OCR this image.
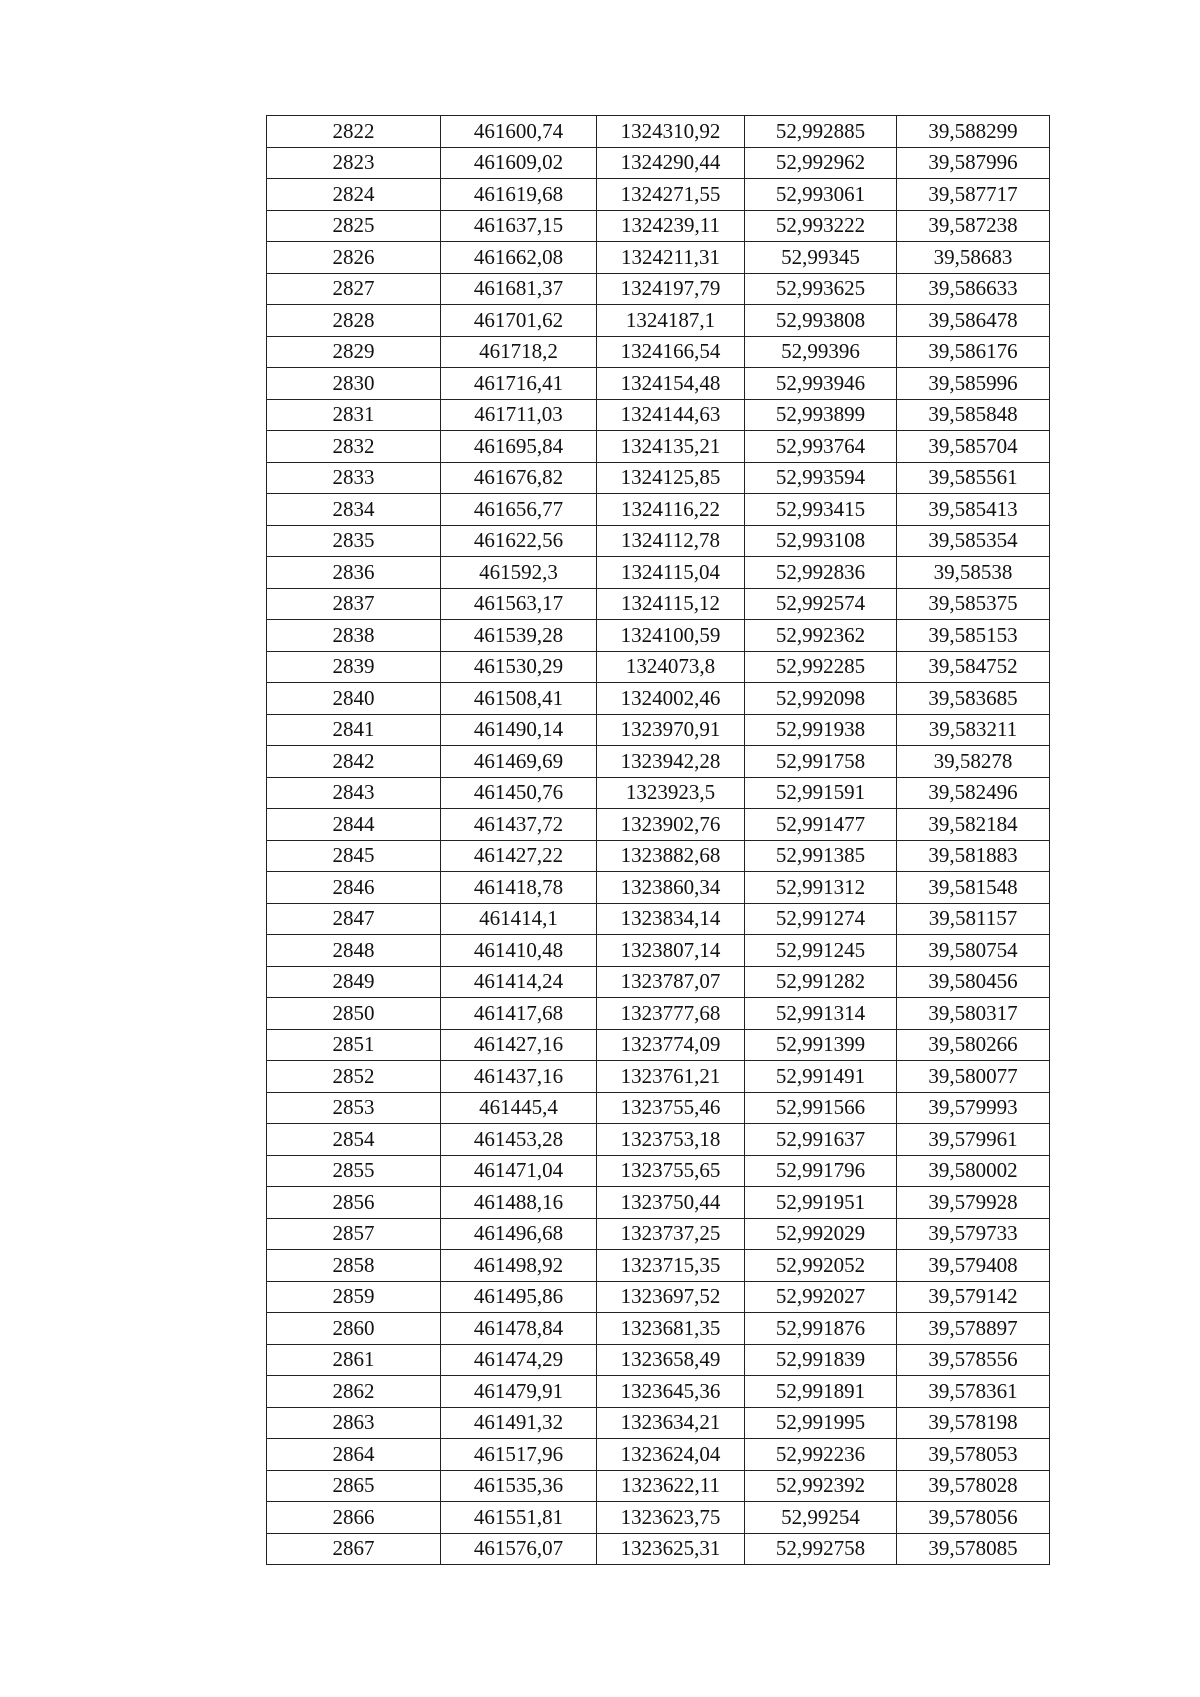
2822	461600,74	1324310,92	52,992885	39,588299
2823	461609,02	1324290,44	52,992962	39,587996
2824	461619,68	1324271,55	52,993061	39,587717
2825	461637,15	1324239,11	52,993222	39,587238
2826	461662,08	1324211,31	52,99345	39,58683
2827	461681,37	1324197,79	52,993625	39,586633
2828	461701,62	1324187,1	52,993808	39,586478
2829	461718,2	1324166,54	52,99396	39,586176
2830	461716,41	1324154,48	52,993946	39,585996
2831	461711,03	1324144,63	52,993899	39,585848
2832	461695,84	1324135,21	52,993764	39,585704
2833	461676,82	1324125,85	52,993594	39,585561
2834	461656,77	1324116,22	52,993415	39,585413
2835	461622,56	1324112,78	52,993108	39,585354
2836	461592,3	1324115,04	52,992836	39,58538
2837	461563,17	1324115,12	52,992574	39,585375
2838	461539,28	1324100,59	52,992362	39,585153
2839	461530,29	1324073,8	52,992285	39,584752
2840	461508,41	1324002,46	52,992098	39,583685
2841	461490,14	1323970,91	52,991938	39,583211
2842	461469,69	1323942,28	52,991758	39,58278
2843	461450,76	1323923,5	52,991591	39,582496
2844	461437,72	1323902,76	52,991477	39,582184
2845	461427,22	1323882,68	52,991385	39,581883
2846	461418,78	1323860,34	52,991312	39,581548
2847	461414,1	1323834,14	52,991274	39,581157
2848	461410,48	1323807,14	52,991245	39,580754
2849	461414,24	1323787,07	52,991282	39,580456
2850	461417,68	1323777,68	52,991314	39,580317
2851	461427,16	1323774,09	52,991399	39,580266
2852	461437,16	1323761,21	52,991491	39,580077
2853	461445,4	1323755,46	52,991566	39,579993
2854	461453,28	1323753,18	52,991637	39,579961
2855	461471,04	1323755,65	52,991796	39,580002
2856	461488,16	1323750,44	52,991951	39,579928
2857	461496,68	1323737,25	52,992029	39,579733
2858	461498,92	1323715,35	52,992052	39,579408
2859	461495,86	1323697,52	52,992027	39,579142
2860	461478,84	1323681,35	52,991876	39,578897
2861	461474,29	1323658,49	52,991839	39,578556
2862	461479,91	1323645,36	52,991891	39,578361
2863	461491,32	1323634,21	52,991995	39,578198
2864	461517,96	1323624,04	52,992236	39,578053
2865	461535,36	1323622,11	52,992392	39,578028
2866	461551,81	1323623,75	52,99254	39,578056
2867	461576,07	1323625,31	52,992758	39,578085
